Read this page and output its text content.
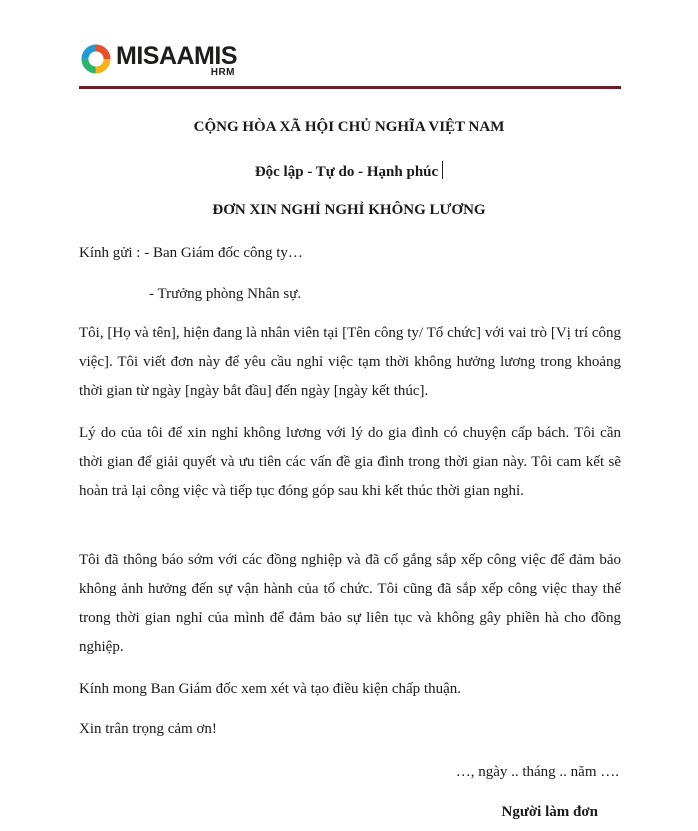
MISAAMIS
HRM
CỘNG HÒA XÃ HỘI CHỦ NGHĨA VIỆT NAM
Độc lập - Tự do - Hạnh phúc
ĐƠN XIN NGHỈ NGHỈ KHÔNG LƯƠNG

Kính gửi : - Ban Giám đốc công ty…

- Trưởng phòng Nhân sự.

Tôi, [Họ và tên], hiện đang là nhân viên tại [Tên công ty/ Tổ chức] với vai trò [Vị trí công việc]. Tôi viết đơn này để yêu cầu nghỉ việc tạm thời không hưởng lương trong khoảng thời gian từ ngày [ngày bắt đầu] đến ngày [ngày kết thúc].

Lý do của tôi để xin nghỉ không lương với lý do gia đình có chuyện cấp bách. Tôi cần thời gian để giải quyết và ưu tiên các vấn đề gia đình trong thời gian này. Tôi cam kết sẽ hoàn trả lại công việc và tiếp tục đóng góp sau khi kết thúc thời gian nghỉ.

Tôi đã thông báo sớm với các đồng nghiệp và đã cố gắng sắp xếp công việc để đảm bảo không ảnh hưởng đến sự vận hành của tổ chức. Tôi cũng đã sắp xếp công việc thay thế trong thời gian nghỉ của mình để đảm bảo sự liên tục và không gây phiền hà cho đồng nghiệp.

Kính mong Ban Giám đốc xem xét và tạo điều kiện chấp thuận.

Xin trân trọng cảm ơn!

…, ngày .. tháng .. năm ….

Người làm đơn
